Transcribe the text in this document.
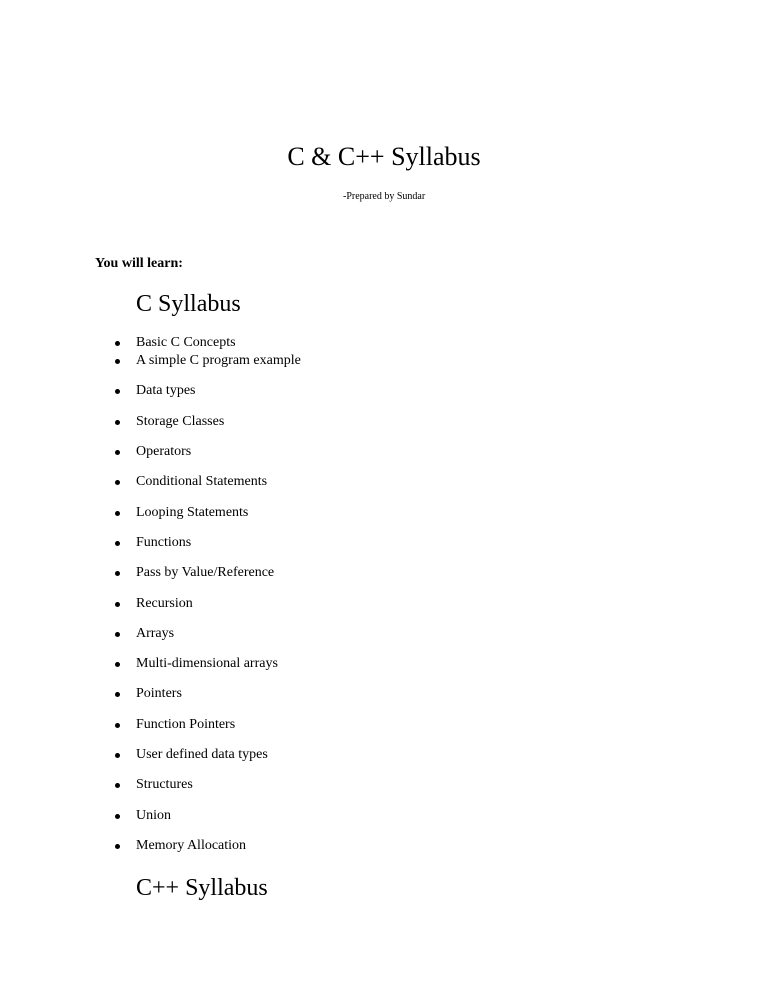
C & C++ Syllabus
-Prepared by Sundar
You will learn:
C Syllabus
Basic C Concepts
A simple C program example
Data types
Storage Classes
Operators
Conditional Statements
Looping Statements
Functions
Pass by Value/Reference
Recursion
Arrays
Multi-dimensional arrays
Pointers
Function Pointers
User defined data types
Structures
Union
Memory Allocation
C++ Syllabus
